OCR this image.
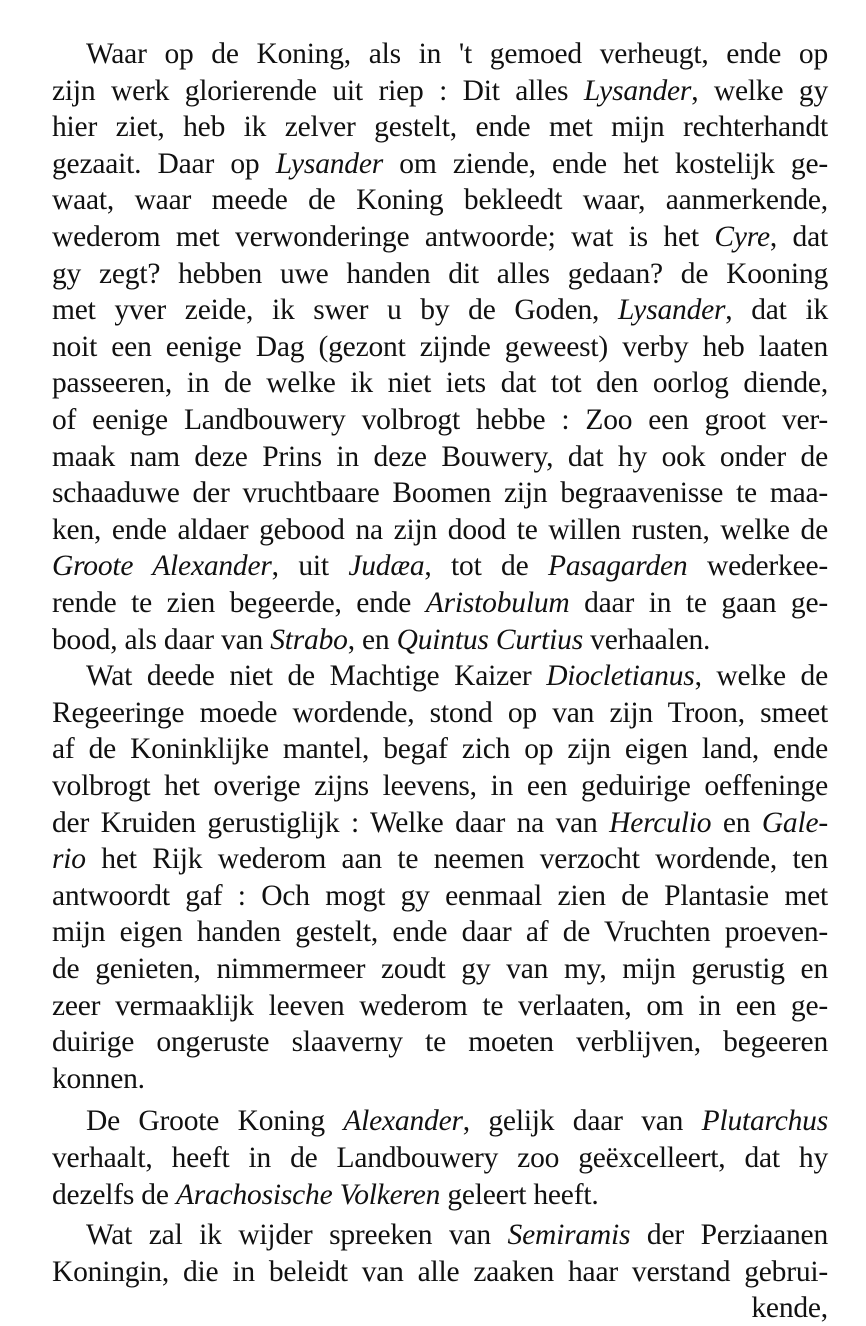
Waar op de Koning, als in 't gemoed verheugt, ende op
zijn werk glorierende uit riep : Dit alles Lysander, welke gy
hier ziet, heb ik zelver gestelt, ende met mijn rechterhandt
gezaait. Daar op Lysander om ziende, ende het kostelijk ge-
waat, waar meede de Koning bekleedt waar, aanmerkende,
wederom met verwonderinge antwoorde; wat is het Cyre, dat
gy zegt? hebben uwe handen dit alles gedaan? de Kooning
met yver zeide, ik swer u by de Goden, Lysander, dat ik
noit een eenige Dag (gezont zijnde geweest) verby heb laaten
passeeren, in de welke ik niet iets dat tot den oorlog diende,
of eenige Landbouwery volbrogt hebbe : Zoo een groot ver-
maak nam deze Prins in deze Bouwery, dat hy ook onder de
schaaduwe der vruchtbaare Boomen zijn begraavenisse te maa-
ken, ende aldaer gebood na zijn dood te willen rusten, welke de
Groote Alexander, uit Judæa, tot de Pasagarden wederkee-
rende te zien begeerde, ende Aristobulum daar in te gaan ge-
bood, als daar van Strabo, en Quintus Curtius verhaalen.
Wat deede niet de Machtige Kaizer Diocletianus, welke de
Regeeringe moede wordende, stond op van zijn Troon, smeet
af de Koninklijke mantel, begaf zich op zijn eigen land, ende
volbrogt het overige zijns leevens, in een geduirige oeffeninge
der Kruiden gerustiglijk : Welke daar na van Herculio en Gale-
rio het Rijk wederom aan te neemen verzocht wordende, ten
antwoordt gaf : Och mogt gy eenmaal zien de Plantasie met
mijn eigen handen gestelt, ende daar af de Vruchten proeven-
de genieten, nimmermeer zoudt gy van my, mijn gerustig en
zeer vermaaklijk leeven wederom te verlaaten, om in een ge-
duirige ongeruste slaaverny te moeten verblijven, begeeren
konnen.
De Groote Koning Alexander, gelijk daar van Plutarchus
verhaalt, heeft in de Landbouwery zoo geëxcelleert, dat hy
dezelfs de Arachosische Volkeren geleert heeft.
Wat zal ik wijder spreeken van Semiramis der Perziaanen
Koningin, die in beleidt van alle zaaken haar verstand gebrui-
kende,
